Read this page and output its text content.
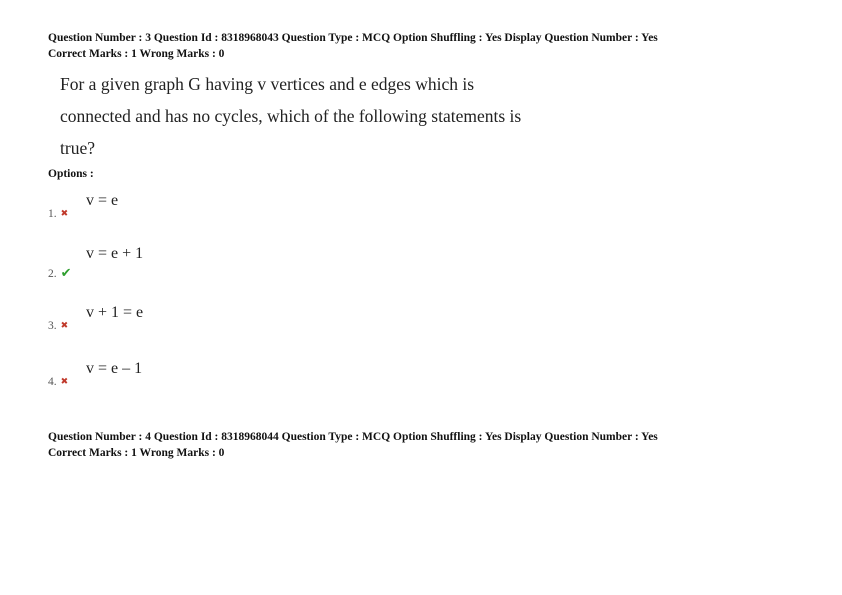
Question Number : 3 Question Id : 8318968043 Question Type : MCQ Option Shuffling : Yes Display Question Number : Yes
Correct Marks : 1 Wrong Marks : 0
For a given graph G having v vertices and e edges which is
connected and has no cycles, which of the following statements is
true?
Options :
v = e
1. ✖
v = e + 1
2. ✔
v + 1 = e
3. ✖
v = e – 1
4. ✖
Question Number : 4 Question Id : 8318968044 Question Type : MCQ Option Shuffling : Yes Display Question Number : Yes
Correct Marks : 1 Wrong Marks : 0
